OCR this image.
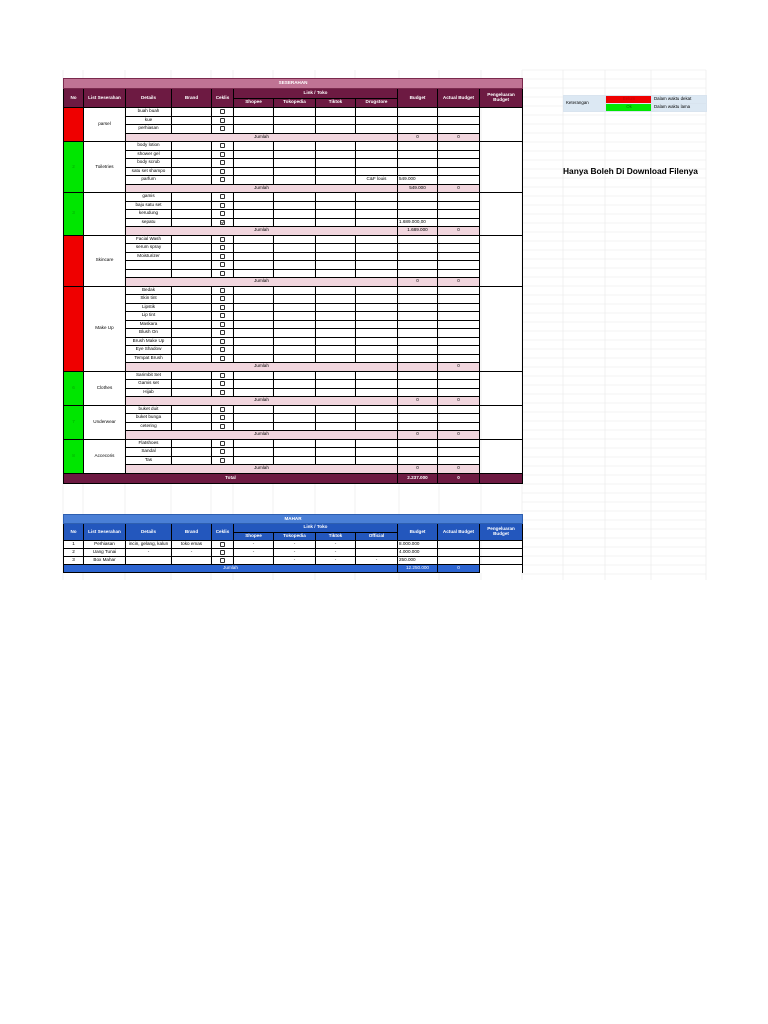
SESERAHAN											
No	List Seserahan	Details	Brand	Ceklis	Link / Toko				Budget	Actual Budget	Pengeluaran Budget
					Shopee	Tokopedia	Tiktok	Drugstore			
1	parsel	buah buah									
		kue									
		perhiasan									
		Jumlah							0	0	
2	Toiletries	body lotion									
		shower gel									
		body scrub									
		satu set shampo									
		parfum						C&F louis	549.000		
		Jumlah							549.000	0	
3		gamis									
		baju satu set									
		kerudung									
		sepatu							1.689.000,00		
		Jumlah							1.689.000	0	
4	Skincare	Facial Wash									
		serum spray									
		Moisturizer									

		Jumlah							0	0	
5	Make Up	Bedak									
		Skin tint									
		Lipstik									
		Lip tint									
		Maskara									
		Blush On									
		Brush Make Up									
		Eye Shadow									
		Tempat Brush									
		Jumlah								0	
6	Clothes	Sarimbit Set									
		Gamis set									
		Hijab									
		Jumlah							0	0	
7	Underwear	buket duit									
		buket bunga									
		cetering									
		Jumlah							0	0	
8	Accecoris	Flatshoes									
		Sandal									
		Tas									
		Jumlah							0	0	
Total									2.237.000	0	
MAHAR											
No	List Seserahan	Details	Brand	Ceklis	Link / Toko				Budget	Actual Budget	Pengeluaran Budget
					Shopee	Tokopedia	Tiktok	Official			
1	Perhiasan	incin, gelang, kalun	toko emas		-	-	-		8.000.000		
2	Uang Tunai	-	-		-	-	-		4.000.000		
3	Box Mahar					-	-	-	250.000		
Jumlah									12.250.000	0	
Keterangan	Belum	Dalam waktu dekat
	Ok	Dalam waktu lama
Hanya Boleh Di Download Filenya
